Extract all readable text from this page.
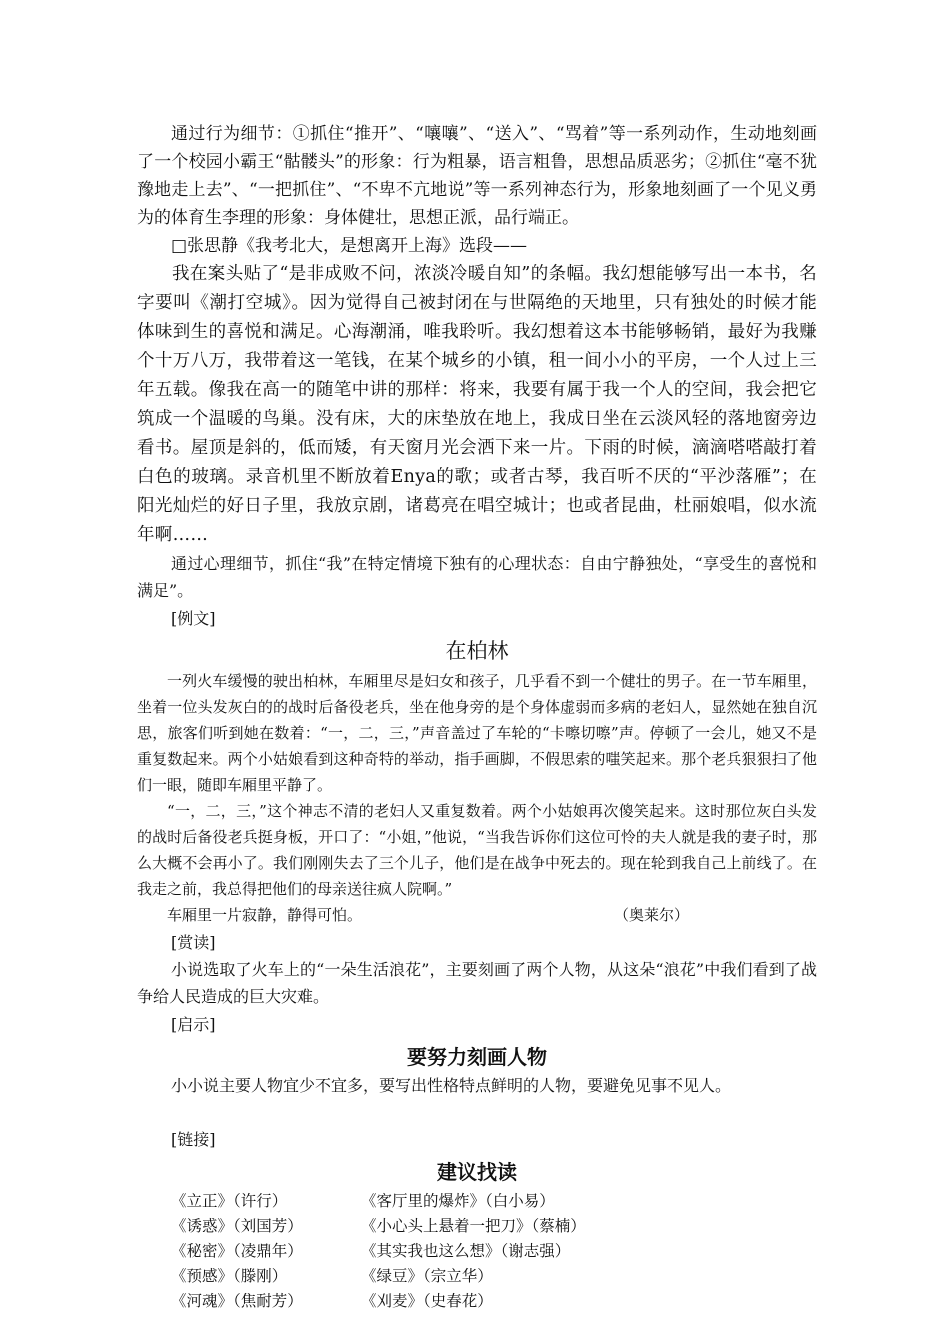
通过行为细节：①抓住“推开”、“嚷嚷”、“送入”、“骂着”等一系列动作，生动地刻画了一个校园小霸王“骷髅头”的形象：行为粗暴，语言粗鲁，思想品质恶劣；②抓住“毫不犹豫地走上去”、“一把抓住”、“不卑不亢地说”等一系列神态行为，形象地刻画了一个见义勇为的体育生李理的形象：身体健壮，思想正派，品行端正。

□张思静《我考北大，是想离开上海》选段——

我在案头贴了“是非成败不问，浓淡冷暖自知”的条幅。我幻想能够写出一本书，名字要叫《潮打空城》。因为觉得自己被封闭在与世隔绝的天地里，只有独处的时候才能体味到生的喜悦和满足。心海潮涌，唯我聆听。我幻想着这本书能够畅销，最好为我赚个十万八万，我带着这一笔钱，在某个城乡的小镇，租一间小小的平房，一个人过上三年五载。像我在高一的随笔中讲的那样：将来，我要有属于我一个人的空间，我会把它筑成一个温暖的鸟巢。没有床，大的床垫放在地上，我成日坐在云淡风轻的落地窗旁边看书。屋顶是斜的，低而矮，有天窗月光会洒下来一片。下雨的时候，滴滴嗒嗒敲打着白色的玻璃。录音机里不断放着Enya的歌；或者古琴，我百听不厌的“平沙落雁”；在阳光灿烂的好日子里，我放京剧，诸葛亮在唱空城计；也或者昆曲，杜丽娘唱，似水流年啊……

通过心理细节，抓住“我”在特定情境下独有的心理状态：自由宁静独处，“享受生的喜悦和满足”。

[例文]

在柏林

一列火车缓慢的驶出柏林，车厢里尽是妇女和孩子，几乎看不到一个健壮的男子。在一节车厢里，坐着一位头发灰白的的战时后备役老兵，坐在他身旁的是个身体虚弱而多病的老妇人，显然她在独自沉思，旅客们听到她在数着：“一，二，三，”声音盖过了车轮的“卡嚓切嚓”声。停顿了一会儿，她又不是重复数起来。两个小姑娘看到这种奇特的举动，指手画脚，不假思索的嗤笑起来。那个老兵狠狠扫了他们一眼，随即车厢里平静了。

“一，二，三，”这个神志不清的老妇人又重复数着。两个小姑娘再次傻笑起来。这时那位灰白头发的战时后备役老兵挺身板，开口了：“小姐，”他说，“当我告诉你们这位可怜的夫人就是我的妻子时，那么大概不会再小了。我们刚刚失去了三个儿子，他们是在战争中死去的。现在轮到我自己上前线了。在我走之前，我总得把他们的母亲送往疯人院啊。”

车厢里一片寂静，静得可怕。	（奥莱尔）

[赏读]

小说选取了火车上的“一朵生活浪花”，主要刻画了两个人物，从这朵“浪花”中我们看到了战争给人民造成的巨大灾难。

[启示]

要努力刻画人物

小小说主要人物宜少不宜多，要写出性格特点鲜明的人物，要避免见事不见人。

[链接]

建议找读

《立正》（许行）	《客厅里的爆炸》（白小易）
《诱惑》（刘国芳）	《小心头上悬着一把刀》（蔡楠）
《秘密》（凌鼎年）	《其实我也这么想》（谢志强）
《预感》（滕刚）	《绿豆》（宗立华）
《河魂》（焦耐芳）	《刈麦》（史春花）
